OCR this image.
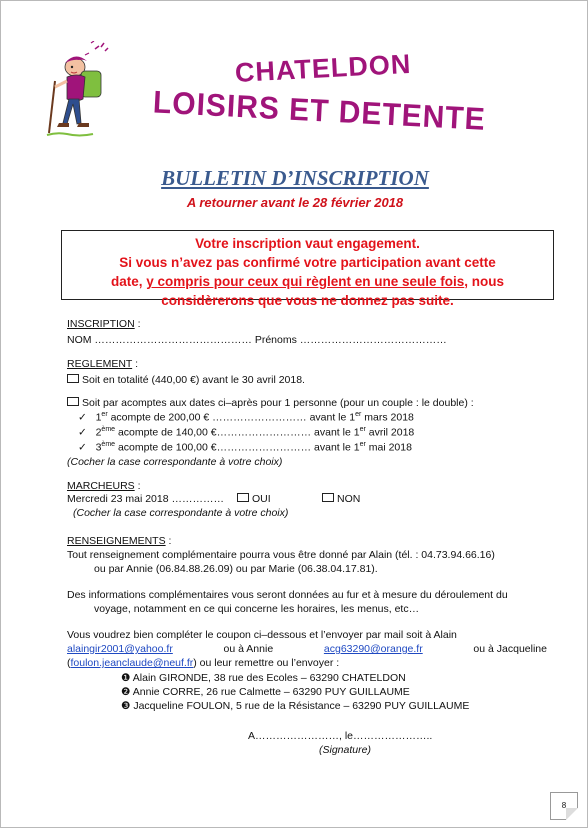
CHATELDON
LOISIRS ET DETENTE
BULLETIN D’INSCRIPTION
A retourner avant le 28 février 2018
Votre inscription vaut engagement.
Si vous n’avez pas confirmé votre participation avant cette
date, y compris pour ceux qui règlent en une seule fois, nous
considèrerons que vous ne donnez pas suite.
INSCRIPTION :
NOM ……………………………………… Prénoms ……………………………………
REGLEMENT :
Soit en totalité (440,00 €) avant le 30 avril 2018.
Soit par acomptes aux dates ci–après pour 1 personne (pour un couple : le double) :
✓ 1er acompte de 200,00 € ……………………… avant le 1er mars 2018
✓ 2ème acompte de 140,00 €……………………… avant le 1er avril 2018
✓ 3ème acompte de 100,00 €……………………… avant le 1er mai 2018
(Cocher la case correspondante à votre choix)
MARCHEURS :
Mercredi 23 mai 2018 ……………	OUI	NON
(Cocher la case correspondante à votre choix)
RENSEIGNEMENTS :
Tout renseignement complémentaire pourra vous être donné par Alain (tél. : 04.73.94.66.16)
ou par Annie (06.84.88.26.09) ou par Marie (06.38.04.17.81).
Des informations complémentaires vous seront données au fur et à mesure du déroulement du
voyage, notamment en ce qui concerne les horaires, les menus, etc…
Vous voudrez bien compléter le coupon ci–dessous et l’envoyer par mail soit à Alain
alaingir2001@yahoo.fr	ou à Annie	acg63290@orange.fr	ou à Jacqueline
(foulon.jeanclaude@neuf.fr) ou leur remettre ou l’envoyer :
❶ Alain GIRONDE, 38 rue des Ecoles – 63290 CHATELDON
❷ Annie CORRE, 26 rue Calmette – 63290 PUY GUILLAUME
❸ Jacqueline FOULON, 5 rue de la Résistance – 63290 PUY GUILLAUME
A……………………, le…………………..
(Signature)
8
